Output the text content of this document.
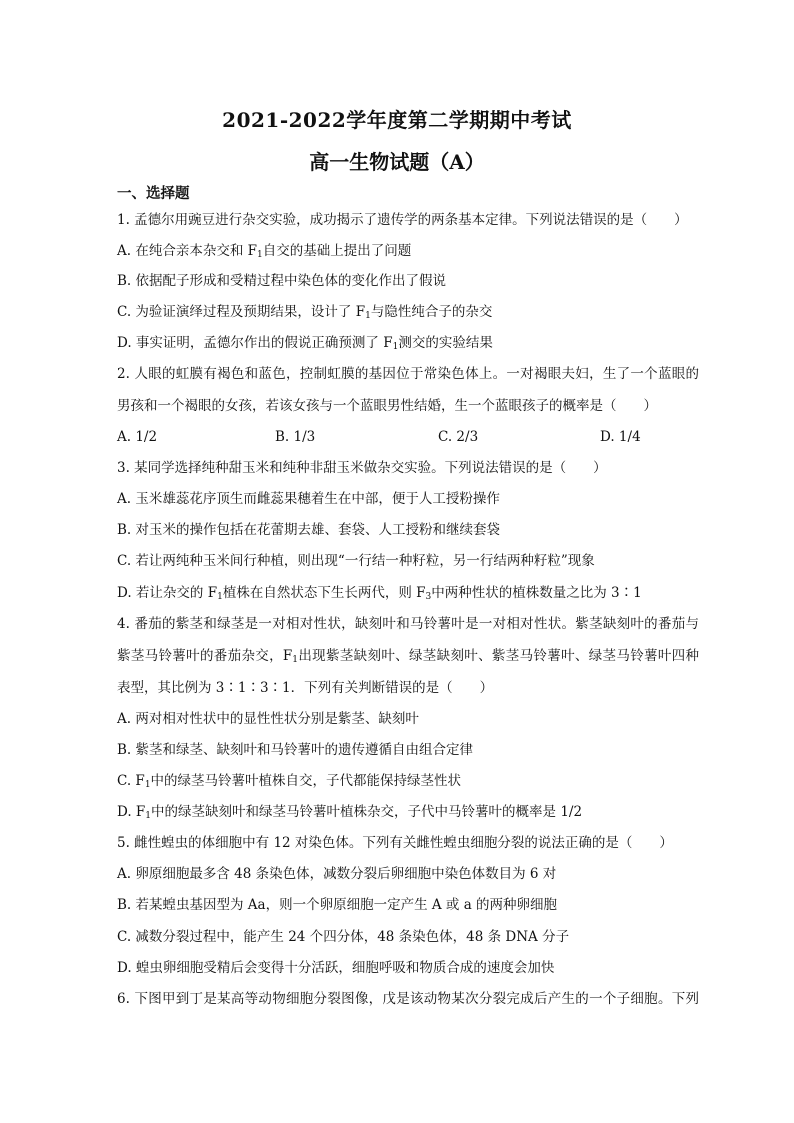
2021-2022学年度第二学期期中考试
高一生物试题（A）
一、选择题
1. 孟德尔用豌豆进行杂交实验，成功揭示了遗传学的两条基本定律。下列说法错误的是（　　）
A. 在纯合亲本杂交和 $F_1$自交的基础上提出了问题
B. 依据配子形成和受精过程中染色体的变化作出了假说
C. 为验证演绎过程及预期结果，设计了 $F_1$与隐性纯合子的杂交
D. 事实证明，孟德尔作出的假说正确预测了 $F_1$测交的实验结果
2. 人眼的虹膜有褐色和蓝色，控制虹膜的基因位于常染色体上。一对褐眼夫妇，生了一个蓝眼的
男孩和一个褐眼的女孩，若该女孩与一个蓝眼男性结婚，生一个蓝眼孩子的概率是（　　）
A. 1/2	B. 1/3	C. 2/3	D. 1/4
3. 某同学选择纯种甜玉米和纯种非甜玉米做杂交实验。下列说法错误的是（　　）
A. 玉米雄蕊花序顶生而雌蕊果穗着生在中部，便于人工授粉操作
B. 对玉米的操作包括在花蕾期去雄、套袋、人工授粉和继续套袋
C. 若让两纯种玉米间行种植，则出现“一行结一种籽粒，另一行结两种籽粒”现象
D. 若让杂交的 $F_1$植株在自然状态下生长两代，则 $F_3$中两种性状的植株数量之比为 3∶1
4. 番茄的紫茎和绿茎是一对相对性状，缺刻叶和马铃薯叶是一对相对性状。紫茎缺刻叶的番茄与
紫茎马铃薯叶的番茄杂交，$F_1$出现紫茎缺刻叶、绿茎缺刻叶、紫茎马铃薯叶、绿茎马铃薯叶四种
表型，其比例为 3∶1∶3∶1．下列有关判断错误的是（　　）
A. 两对相对性状中的显性性状分别是紫茎、缺刻叶
B. 紫茎和绿茎、缺刻叶和马铃薯叶的遗传遵循自由组合定律
C. $F_1$中的绿茎马铃薯叶植株自交，子代都能保持绿茎性状
D. $F_1$中的绿茎缺刻叶和绿茎马铃薯叶植株杂交，子代中马铃薯叶的概率是 1/2
5. 雌性蝗虫的体细胞中有 12 对染色体。下列有关雌性蝗虫细胞分裂的说法正确的是（　　）
A. 卵原细胞最多含 48 条染色体，减数分裂后卵细胞中染色体数目为 6 对
B. 若某蝗虫基因型为 Aa，则一个卵原细胞一定产生 A 或 a 的两种卵细胞
C. 减数分裂过程中，能产生 24 个四分体，48 条染色体，48 条 DNA 分子
D. 蝗虫卵细胞受精后会变得十分活跃，细胞呼吸和物质合成的速度会加快
6. 下图甲到丁是某高等动物细胞分裂图像，戊是该动物某次分裂完成后产生的一个子细胞。下列
